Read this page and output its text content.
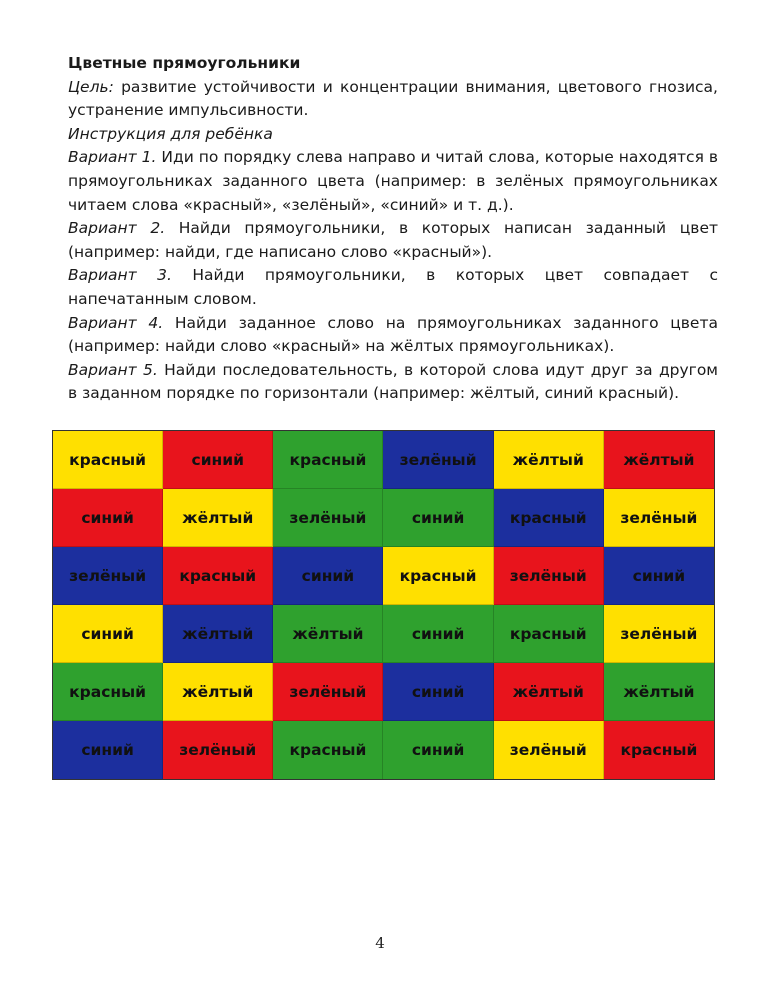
Цветные прямоугольники

Цель: развитие устойчивости и концентрации внимания, цветового гнозиса, устранение импульсивности.

Инструкция для ребёнка

Вариант 1. Иди по порядку слева направо и читай слова, которые находятся в прямоугольниках заданного цвета (например: в зелёных прямоугольниках читаем слова «красный», «зелёный», «синий» и т. д.).

Вариант 2. Найди прямоугольники, в которых написан заданный цвет (например: найди, где написано слово «красный»).

Вариант 3. Найди прямоугольники, в которых цвет совпадает с напечатанным словом.

Вариант 4. Найди заданное слово на прямоугольниках заданного цвета (например: найди слово «красный» на жёлтых прямоугольниках).

Вариант 5. Найди последовательность, в которой слова идут друг за другом в заданном порядке по горизонтали (например: жёлтый, синий красный).

красный	синий	красный	зелёный	жёлтый	жёлтый
синий	жёлтый	зелёный	синий	красный	зелёный
зелёный	красный	синий	красный	зелёный	синий
синий	жёлтый	жёлтый	синий	красный	зелёный
красный	жёлтый	зелёный	синий	жёлтый	жёлтый
синий	зелёный	красный	синий	зелёный	красный
4
